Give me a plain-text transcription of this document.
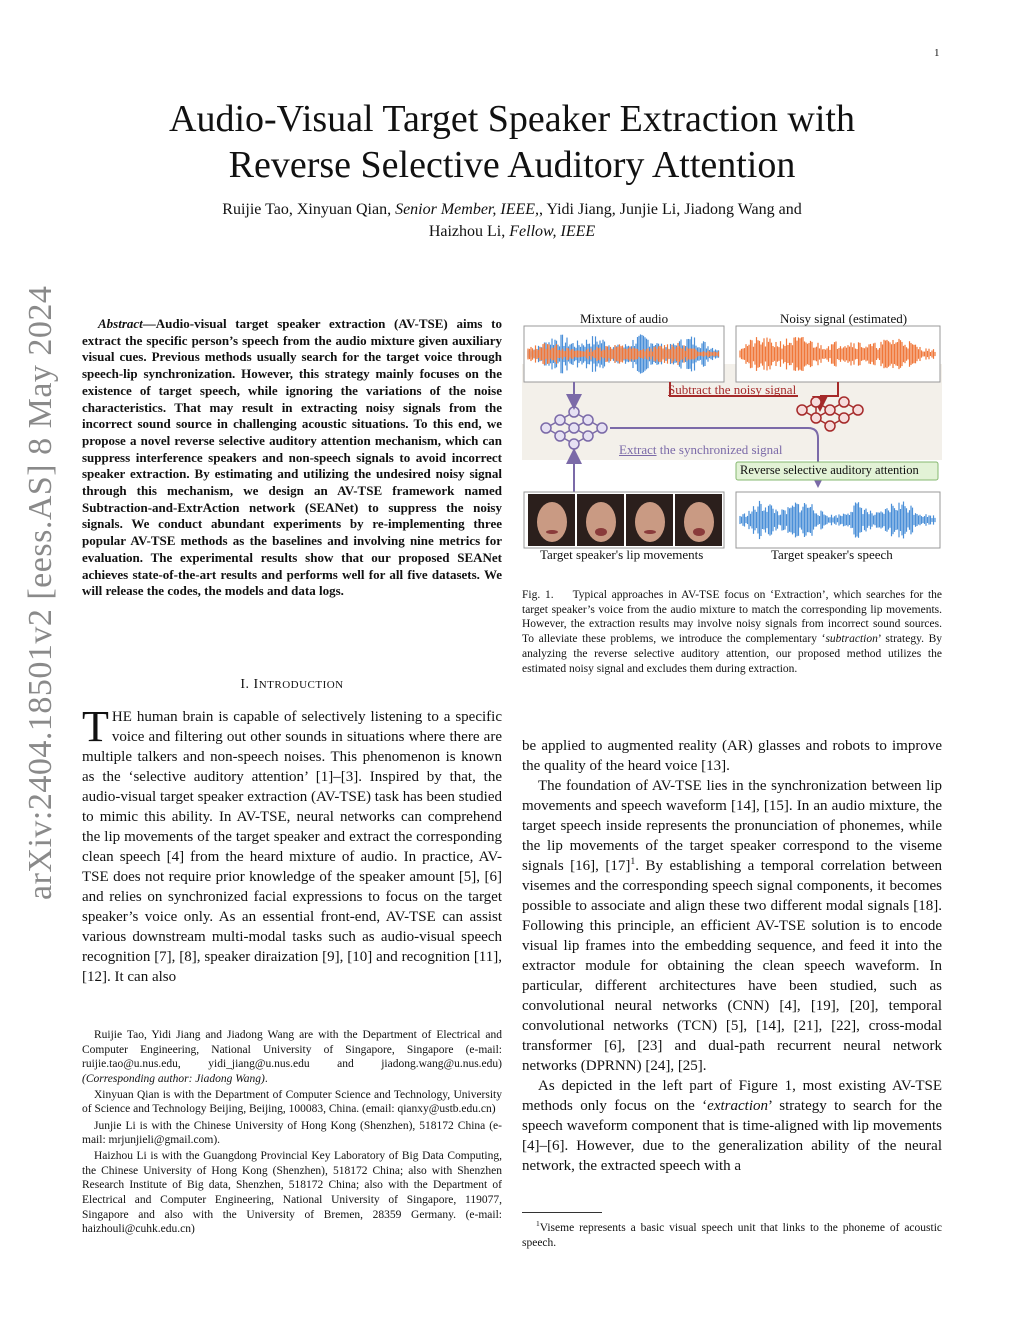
1
arXiv:2404.18501v2 [eess.AS] 8 May 2024
Audio-Visual Target Speaker Extraction with
Reverse Selective Auditory Attention
Ruijie Tao, Xinyuan Qian, Senior Member, IEEE,, Yidi Jiang, Junjie Li, Jiadong Wang and
Haizhou Li, Fellow, IEEE
Abstract—Audio-visual target speaker extraction (AV-TSE) aims to extract the specific person’s speech from the audio mixture given auxiliary visual cues. Previous methods usually search for the target voice through speech-lip synchronization. However, this strategy mainly focuses on the existence of target speech, while ignoring the variations of the noise characteristics. That may result in extracting noisy signals from the incorrect sound source in challenging acoustic situations. To this end, we propose a novel reverse selective auditory attention mechanism, which can suppress interference speakers and non-speech signals to avoid incorrect speaker extraction. By estimating and utilizing the undesired noisy signal through this mechanism, we design an AV-TSE framework named Subtraction-and-ExtrAction network (SEANet) to suppress the noisy signals. We conduct abundant experiments by re-implementing three popular AV-TSE methods as the baselines and involving nine metrics for evaluation. The experimental results show that our proposed SEANet achieves state-of-the-art results and performs well for all five datasets. We will release the codes, the models and data logs.
I. INTRODUCTION
THE human brain is capable of selectively listening to a specific voice and filtering out other sounds in situations where there are multiple talkers and non-speech noises. This phenomenon is known as the ‘selective auditory attention’ [1]–[3]. Inspired by that, the audio-visual target speaker extraction (AV-TSE) task has been studied to mimic this ability. In AV-TSE, neural networks can comprehend the lip movements of the target speaker and extract the corresponding clean speech [4] from the heard mixture of audio. In practice, AV-TSE does not require prior knowledge of the speaker amount [5], [6] and relies on synchronized facial expressions to focus on the target speaker’s voice only. As an essential front-end, AV-TSE can assist various downstream multi-modal tasks such as audio-visual speech recognition [7], [8], speaker diraization [9], [10] and recognition [11], [12]. It can also

Ruijie Tao, Yidi Jiang and Jiadong Wang are with the Department of Electrical and Computer Engineering, National University of Singapore, Singapore (e-mail: ruijie.tao@u.nus.edu, yidi_jiang@u.nus.edu and jiadong.wang@u.nus.edu) (Corresponding author: Jiadong Wang).

Xinyuan Qian is with the Department of Computer Science and Technology, University of Science and Technology Beijing, Beijing, 100083, China. (email: qianxy@ustb.edu.cn)

Junjie Li is with the Chinese University of Hong Kong (Shenzhen), 518172 China (e-mail: mrjunjieli@gmail.com).

Haizhou Li is with the Guangdong Provincial Key Laboratory of Big Data Computing, the Chinese University of Hong Kong (Shenzhen), 518172 China; also with Shenzhen Research Institute of Big data, Shenzhen, 518172 China; also with the Department of Electrical and Computer Engineering, National University of Singapore, 119077, Singapore and also with the University of Bremen, 28359 Germany. (e-mail: haizhouli@cuhk.edu.cn)

Mixture of audio	Noisy signal (estimated)
Subtract the noisy signal
Extract the synchronized signal
Reverse selective auditory attention
Target speaker's lip movements	Target speaker's speech
Fig. 1. Typical approaches in AV-TSE focus on ‘Extraction’, which searches for the target speaker’s voice from the audio mixture to match the corresponding lip movements. However, the extraction results may involve noisy signals from incorrect sound sources. To alleviate these problems, we introduce the complementary ‘subtraction’ strategy. By analyzing the reverse selective auditory attention, our proposed method utilizes the estimated noisy signal and excludes them during extraction.

be applied to augmented reality (AR) glasses and robots to improve the quality of the heard voice [13].

The foundation of AV-TSE lies in the synchronization between lip movements and speech waveform [14], [15]. In an audio mixture, the target speech inside represents the pronunciation of phonemes, while the lip movements of the target speaker correspond to the viseme signals [16], $[17]^1$. By establishing a temporal correlation between visemes and the corresponding speech signal components, it becomes possible to associate and align these two different modal signals [18]. Following this principle, an efficient AV-TSE solution is to encode visual lip frames into the embedding sequence, and feed it into the extractor module for obtaining the clean speech waveform. In particular, different architectures have been studied, such as convolutional neural networks (CNN) [4], [19], [20], temporal convolutional networks (TCN) [5], [14], [21], [22], cross-modal transformer [6], [23] and dual-path recurrent neural network networks (DPRNN) [24], [25].

As depicted in the left part of Figure 1, most existing AV-TSE methods only focus on the ‘extraction’ strategy to search for the speech waveform component that is time-aligned with lip movements [4]–[6]. However, due to the generalization ability of the neural network, the extracted speech with a

$^1$Viseme represents a basic visual speech unit that links to the phoneme of acoustic speech.
